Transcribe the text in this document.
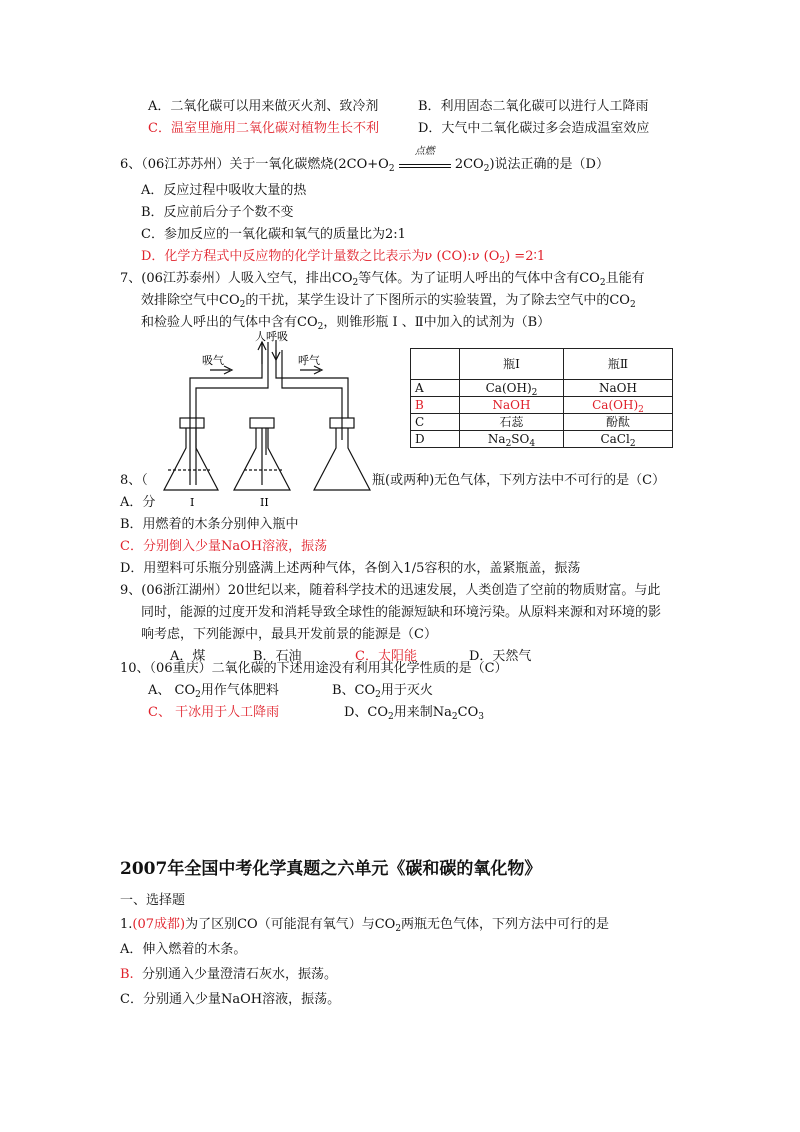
A．二氧化碳可以用来做灭火剂、致冷剂	B．利用固态二氧化碳可以进行人工降雨
C．温室里施用二氧化碳对植物生长不利	D．大气中二氧化碳过多会造成温室效应
6、（06江苏苏州）关于一氧化碳燃烧($2CO+O_2$
点燃
$2CO_2$)说法正确的是（D）
A．反应过程中吸收大量的热
B．反应前后分子个数不变
C．参加反应的一氧化碳和氧气的质量比为2:1
D．化学方程式中反应物的化学计量数之比表示为ν (CO):ν $(O_2)$ =2∶1
7、(06江苏泰州）人吸入空气，排出$CO_2$等气体。为了证明人呼出的气体中含有$CO_2$且能有
效排除空气中$CO_2$的干扰，某学生设计了下图所示的实验装置，为了除去空气中的$CO_2$
和检验人呼出的气体中含有$CO_2$，则锥形瓶 Ⅰ 、Ⅱ中加入的试剂为（B）
人呼吸
吸气	呼气
I	II
	瓶Ⅰ	瓶Ⅱ
A	$Ca(OH)_2$	NaOH
B	NaOH	$Ca(OH)_2$
C	石蕊	酚酞
D	$Na_2SO_4$	CaCl$_2$
8、（	瓶(或两种)无色气体，下列方法中不可行的是（C）
A．分
B．用燃着的木条分别伸入瓶中
C．分别倒入少量NaOH溶液，振荡
D．用塑料可乐瓶分别盛满上述两种气体，各倒入1/5容积的水，盖紧瓶盖，振荡
9、(06浙江湖州）20世纪以来，随着科学技术的迅速发展，人类创造了空前的物质财富。与此
同时，能源的过度开发和消耗导致全球性的能源短缺和环境污染。从原料来源和对环境的影
响考虑，下列能源中，最具开发前景的能源是（C）
A．煤	B．石油	C．太阳能	D．天然气
10、（06重庆）二氧化碳的下述用途没有利用其化学性质的是（C）
A、 $CO_2$用作气体肥料	B、$CO_2$用于灭火
C、 干冰用于人工降雨	D、$CO_2$用来制$Na_2CO_3$
2007年全国中考化学真题之六单元《碳和碳的氧化物》
一、选择题
1.(07成都)为了区别CO（可能混有氧气）与$CO_2$两瓶无色气体，下列方法中可行的是
A．伸入燃着的木条。
B. 分别通入少量澄清石灰水，振荡。
C．分别通入少量NaOH溶液，振荡。
